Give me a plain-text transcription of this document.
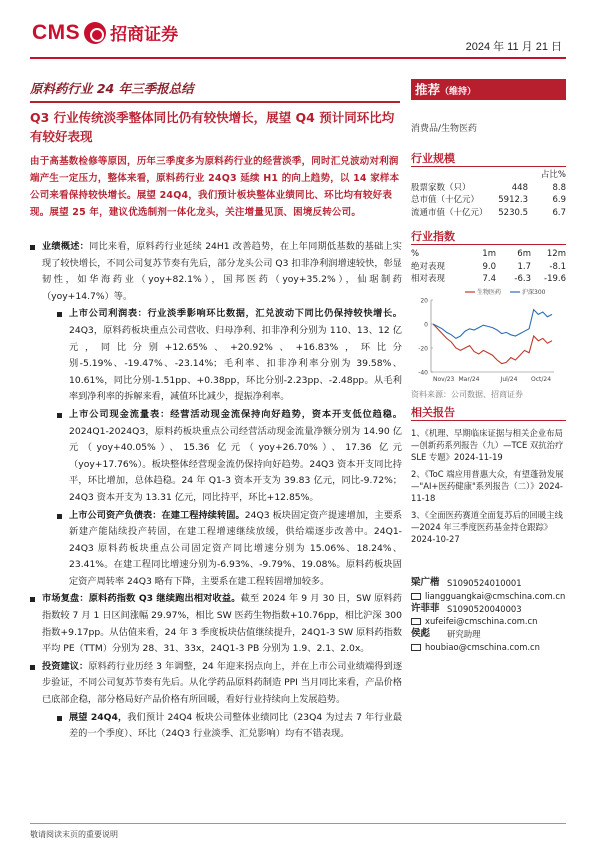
CMS 招商证券
2024 年 11 月 21 日
原料药行业 24 年三季报总结
Q3 行业传统淡季整体同比仍有较快增长，展望 Q4 预计同环比均有较好表现
由于高基数检修等原因，历年三季度多为原料药行业的经营淡季，同时汇兑波动对利润端产生一定压力，整体来看，原料药行业 24Q3 延续 H1 的向上趋势，以 14 家样本公司来看保持较快增长。展望 24Q4，我们预计板块整体业绩同比、环比均有较好表现。展望 25 年，建议优选制剂一体化龙头，关注增量见顶、困境反转公司。
业绩概述：同比来看，原料药行业延续 24H1 改善趋势，在上年同期低基数的基础上实现了较快增长，不同公司复苏节奏有先后，部分龙头公司 Q3 扣非净利润增速较快，彰显韧性，如华海药业（yoy+82.1%），国邦医药（yoy+35.2%），仙琚制药（yoy+14.7%）等。
上市公司利润表：行业淡季影响环比数据，汇兑波动下同比仍保持较快增长。24Q3，原料药板块重点公司营收、归母净利、扣非净利分别为 110、13、12 亿元，同比分别+12.65%、+20.92%、+16.83%，环比分别-5.19%、-19.47%、-23.14%；毛利率、扣非净利率分别为 39.58%、10.61%，同比分别-1.51pp、+0.38pp，环比分别-2.23pp、-2.48pp。从毛利率到净利率的拆解来看，减值环比减少，提振净利率。
上市公司现金流量表：经营活动现金流保持向好趋势，资本开支低位趋稳。2024Q1-2024Q3，原料药板块重点公司经营活动现金流量净额分别为 14.90 亿元（yoy+40.05%）、15.36 亿元（yoy+26.70%）、17.36 亿元（yoy+17.76%）。板块整体经营现金流仍保持向好趋势。24Q3 资本开支同比持平，环比增加，总体趋稳。24 年 Q1-3 资本开支为 39.83 亿元，同比-9.72%；24Q3 资本开支为 13.31 亿元，同比持平，环比+12.85%。
上市公司资产负债表：在建工程持续转固。24Q3 板块固定资产提速增加，主要系新建产能陆续投产转固，在建工程增速继续放缓，供给端逐步改善中。24Q1-24Q3 原料药板块重点公司固定资产同比增速分别为 15.06%、18.24%、23.41%。在建工程同比增速分别为-6.93%、-9.79%、19.08%。原料药板块固定资产周转率 24Q3 略有下降，主要系在建工程转固增加较多。
市场复盘：原料药指数 Q3 继续跑出相对收益。截至 2024 年 9 月 30 日，SW 原料药指数较 7 月 1 日区间涨幅 29.97%，相比 SW 医药生物指数+10.76pp，相比沪深 300 指数+9.17pp。从估值来看，24 年 3 季度板块估值继续提升，24Q1-3 SW 原料药指数平均 PE（TTM）分别为 28、31、33x，24Q1-3 PB 分别为 1.9、2.1、2.0x。
投资建议：原料药行业历经 3 年调整，24 年迎来拐点向上，并在上市公司业绩端得到逐步验证，不同公司复苏节奏有先后。从化学药品原料药制造 PPI 当月同比来看，产品价格已底部企稳，部分格局好产品价格有所回暖，看好行业持续向上发展趋势。
展望 24Q4，我们预计 24Q4 板块公司整体业绩同比（23Q4 为过去 7 年行业最差的一个季度）、环比（24Q3 行业淡季、汇兑影响）均有不错表现。
推荐（维持）
消费品/生物医药
行业规模
占比%
股票家数（只）	448	8.8
总市值（十亿元）	5912.3	6.9
流通市值（十亿元）	5230.5	6.7
行业指数
%	1m	6m	12m
绝对表现	9.0	1.7	-8.1
相对表现	7.4	-6.3	-19.6
20
0
-20
-40
生物医药	沪深300
Nov/23 Mar/24	Jul/24 Oct/24
资料来源：公司数据、招商证券
相关报告
1、《机理、早期临床证据与相关企业布局—创新药系列报告（九）—TCE 双抗治疗 SLE 专题》2024-11-19
2、《ToC 端应用普惠大众，有望蓬勃发展—"AI+医药健康"系列报告（二）》2024-11-18
3、《全面医药赛道全面复苏后的回暖主线—2024 年三季度医药基金持仓跟踪》2024-10-27
梁广楷 S1090524010001
liangguangkai@cmschina.com.cn
许菲菲 S1090520040003
xufeifei@cmschina.com.cn
侯彪	研究助理
houbiao@cmschina.com.cn
敬请阅读末页的重要说明
